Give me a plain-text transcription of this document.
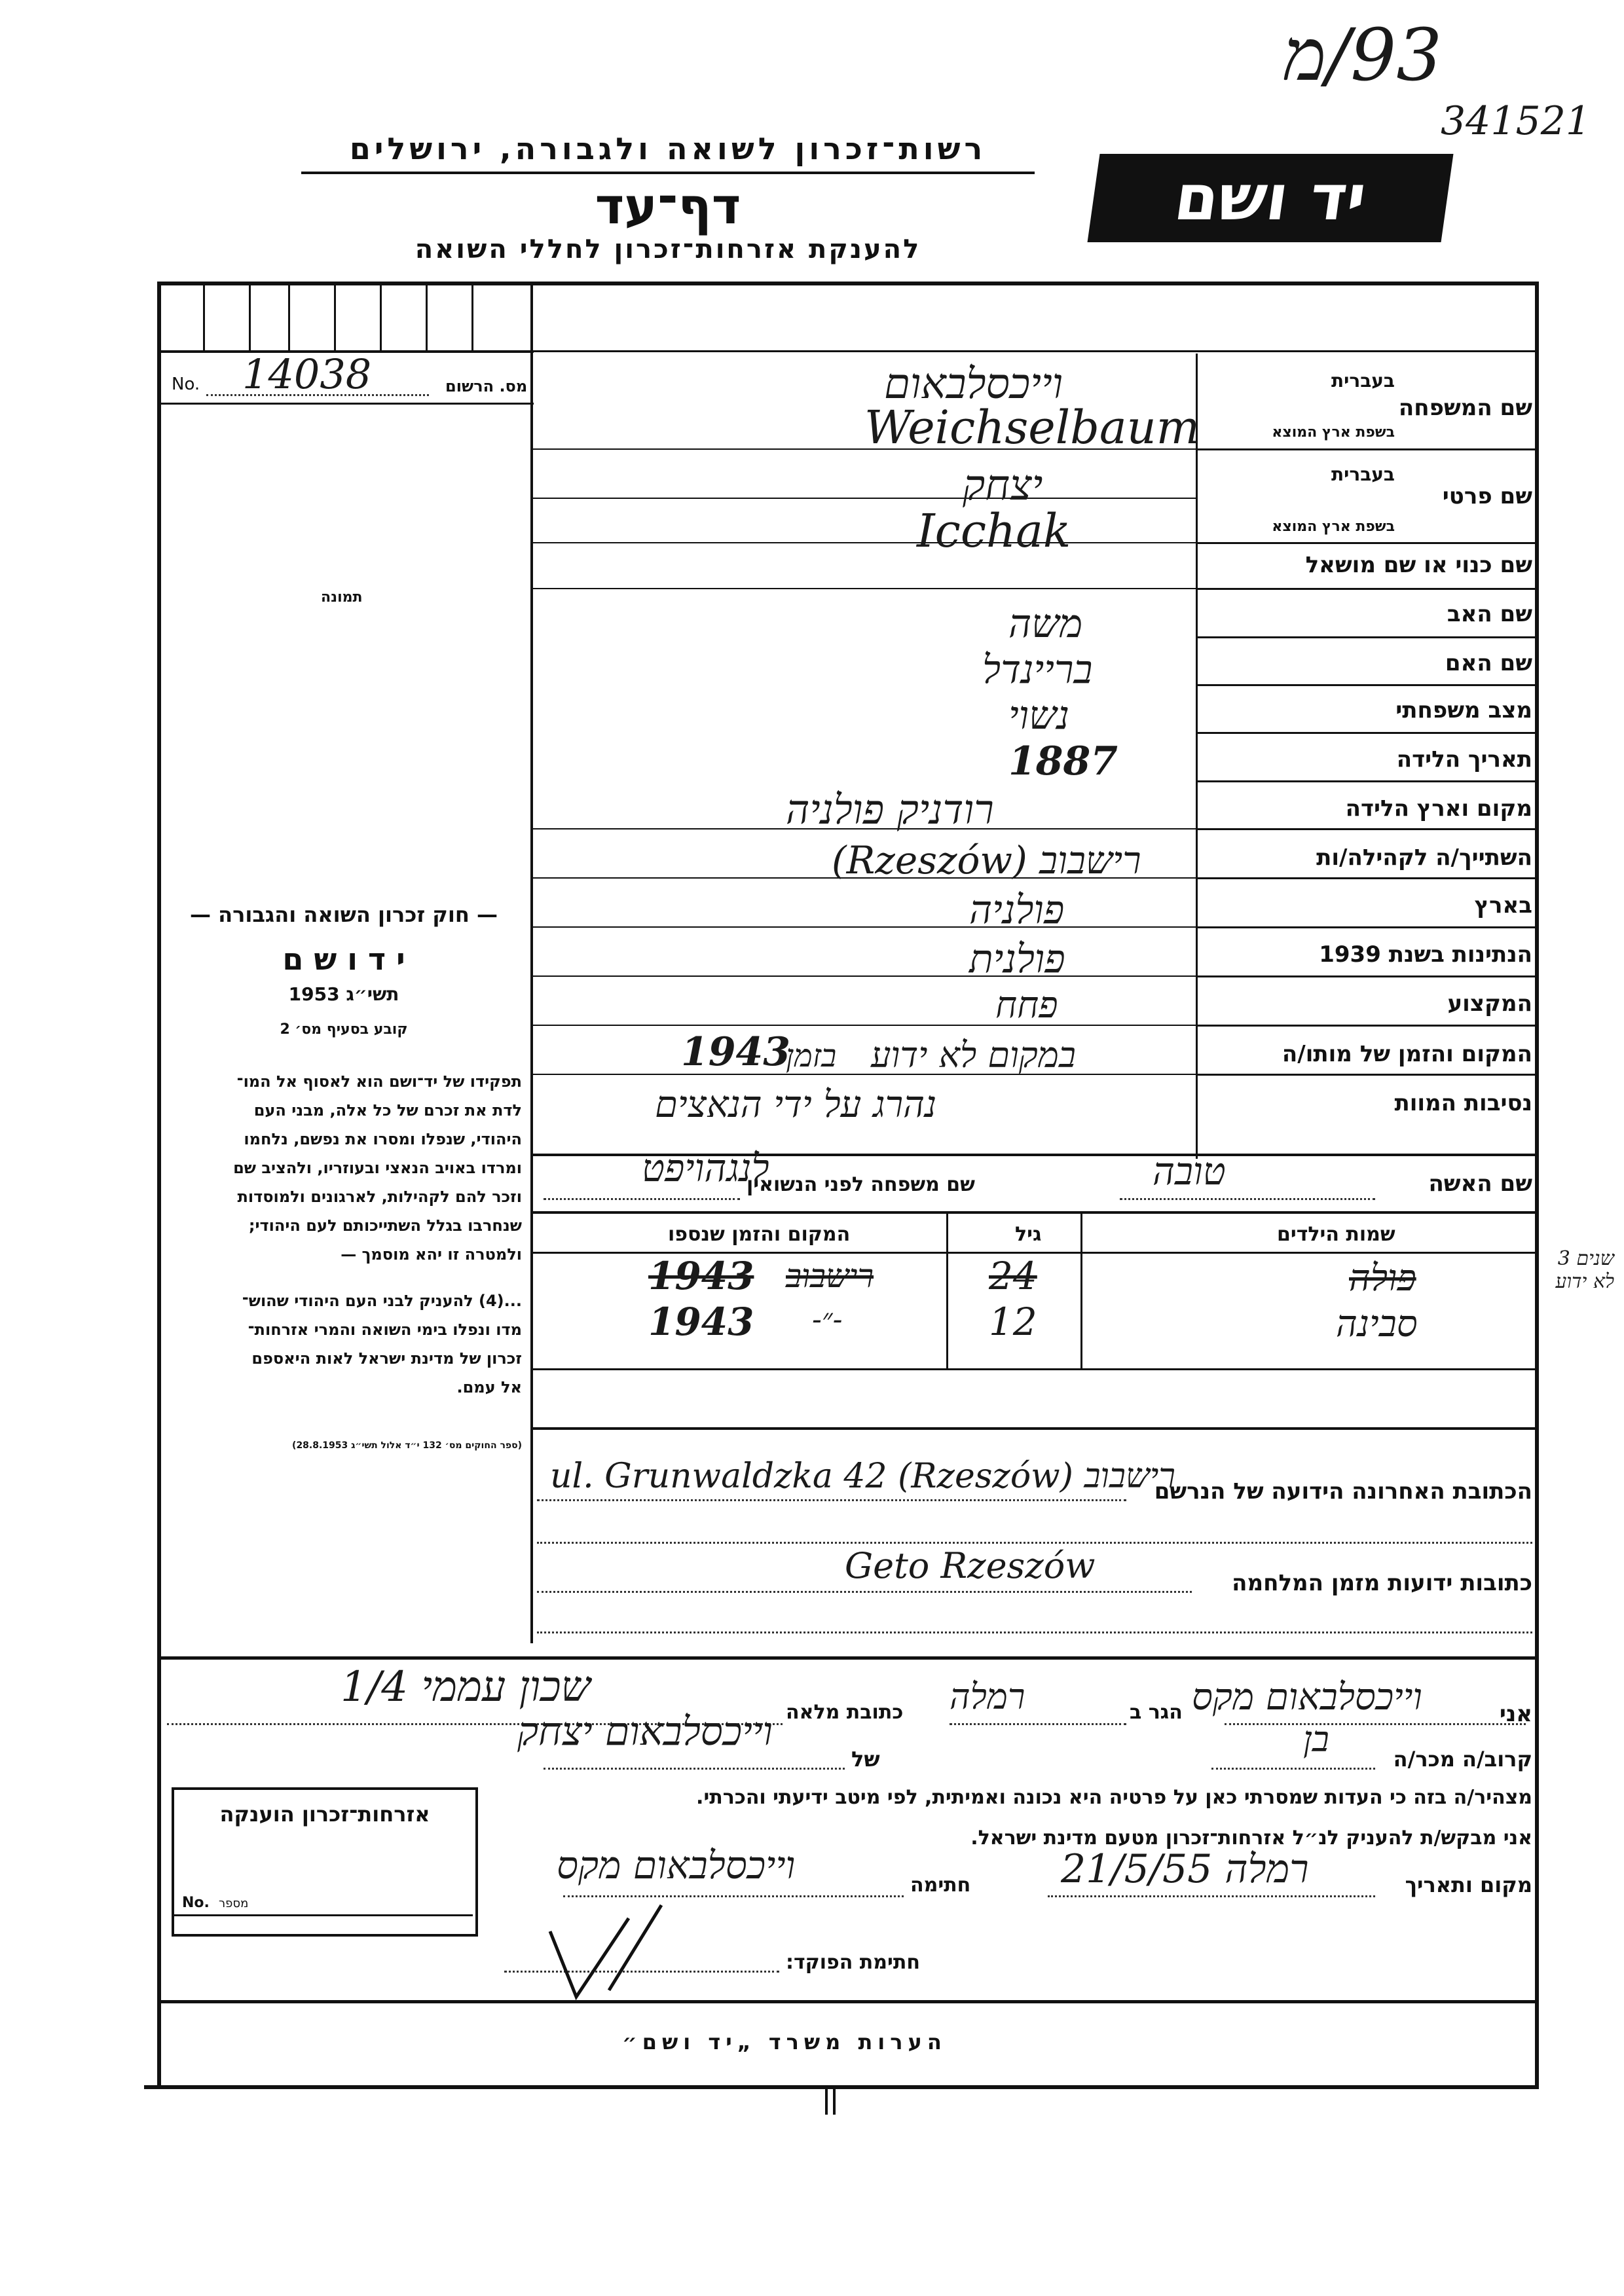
93/מ
341521
רשות־זכרון לשואה ולגבורה, ירושלים
דף־עד
להענקת אזרחות־זכרון לחללי השואה
יד ושם
No. 14038	מס. הרשום
תמונה
— חוק זכרון השואה והגבורה —
י ד ו ש ם
תשי״ג 1953
קובע בסעיף מס׳ 2
תפקידו של יד־ושם הוא לאסוף אל המו־
לדת את זכרם של כל אלה, מבני העם
היהודי, שנפלו ומסרו את נפשם, נלחמו
ומרדו באויב הנאצי ובעוזריו, ולהציב שם
וזכר להם לקהילות, לארגונים ולמוסדות
שנחרבו בגלל השתייכותם לעם היהודי;
ולמטרה זו יהא מוסמך —
...(4) להעניק לבני העם היהודי שהוש־
מדו ונפלו בימי השואה והמרי אזרחות־
זכרון של מדינת ישראל לאות היאספם
אל עמם.
(ספר החוקים מס׳ 132 י״ד אלול תשי״ג 28.8.1953)
שם המשפחה
בעברית
בשפת ארץ המוצא
שם פרטי
בעברית
בשפת ארץ המוצא
שם כנוי או שם מושאל
שם האב
שם האם
מצב משפחתי
תאריך הלידה
מקום וארץ הלידה
השתייך/ה לקהילה/ות
בארץ
הנתינות בשנת 1939
המקצוע
המקום והזמן של מותו/ה
נסיבות המוות
וייכסלבאום
Weichselbaum
יצחק
Icchak
משה
בריינדל
נשוי
1887
רודניק פולניה
רישבוב (Rzeszów)
פולניה
פולנית
פחח
במקום לא ידוע
1943
בזמן
נהרג על ידי הנאצים
שם האשה
טובה
שם משפחה לפני הנשואין
לנגהויפט
שמות הילדים
גיל
המקום והזמן שנספו
פולה
24
1943 רישבוב
סבינה
12
1943 -״-
שנים 3 לא ידוע
הכתובת האחרונה הידועה של הנרשם
ul. Grunwaldzka 42 (Rzeszów) רישבוב
כתובות ידועות מזמן המלחמה
Geto Rzeszów
אני
וייכסלבאום מקס
הגר ב
רמלה
כתובת מלאה
שכון עממי 1/4
קרוב/ה מכר/ה
בן
של
וייכסלבאום יצחק
מצהיר/ה בזה כי העדות שמסרתי כאן על פרטיה היא נכונה ואמיתית, לפי מיטב ידיעתי והכרתי.
אני מבקש/ת להעניק לנ״ל אזרחות־זכרון מטעם מדינת ישראל.
מקום ותאריך
רמלה 21/5/55
חתימה
וייכסלבאום מקס
חתימת הפוקד:
אזרחות־זכרון הוענקה
No. מספר
הערות משרד „יד ושם״
